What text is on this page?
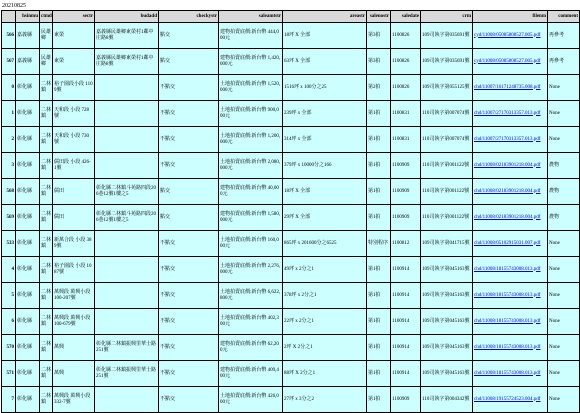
20210825
	hsinmu	ctmd	sectr	budadd	checkystr	saleamtstr	areastr	salenostr	saledate	crm	filenm	comment
566	嘉義縣	民雄鄉	東榮	嘉義縣民雄鄉東榮村1鄰中庄路8號	點交	建物拍賣底價:新台幣 444,000元	18坪 X 全部	第3拍	1100826	109司執字第035691號	cyd/11008/05085808527.005.pdf	再參考
567	嘉義縣	民雄鄉	東榮	嘉義縣民雄鄉東榮村1鄰中庄路8號	點交	建物拍賣底價:新台幣 1,420,000元	63坪 X 全部	第3拍	1100826	109司執字第035691號	cyd/11008/05085808527.005.pdf	再參考
0	彰化縣	二林鎮	裕子園段小段 1109號		不點交	土地拍賣底價:新台幣 1,520,000元	1516坪 x 100分之25	第2拍	1100826	109司執字第055125號	chd/11007/16171248735.008.pdf	None
1	彰化縣	二林鎮	天和段 小段 728號		不點交	土地拍賣底價:新台幣 900,000元	239坪 x 全部	第1拍	1100831	110司執字第007074號	chd/11007/27170313357.013.pdf	None
2	彰化縣	二林鎮	天和段 小段 730號		不點交	土地拍賣底價:新台幣 1,200,000元	314坪 x 全部	第1拍	1100831	110司執字第007074號	chd/11007/27170313357.013.pdf	None
3	彰化縣	二林鎮	儒田段 小段 426-1號		不點交	土地拍賣底價:新台幣 2,080,000元	379坪 x 10000分之166	第1拍	1100909	110司執字第001122號	chd/11008/02183901218.004.pdf	農物
568	彰化縣	二林鎮	儒田	彰化縣二林鎮斗苑路四段206巷12號1樓之5	點交	建物拍賣底價:新台幣 40,000元	18坪 X 全部	第1拍	1100909	110司執字第001122號	chd/11008/02183901218.004.pdf	農物
569	彰化縣	二林鎮	儒田	彰化縣二林鎮斗苑路四段206巷12號1樓之5	點交	建物拍賣底價:新台幣 1,580,000元	29坪 X 全部	第1拍	1100909	110司執字第001122號	chd/11008/02183901218.004.pdf	農物
533	彰化縣	二林鎮	新萬合段 小段 389號		不點交	土地拍賣底價:新台幣 160,000元	865坪 x 201600分之6525	特別程序	1100812	109司執字第041715號	chd/11008/05102915031.007.pdf	None
4	彰化縣	二林鎮	裕子園段 小段 1087號		不點交	土地拍賣底價:新台幣 2,276,000元	49坪 x 2分之1	第1拍	1100914	109司執字第045163號	chd/11008/18155743008.013.pdf	None
5	彰化縣	二林鎮	萬興段 萬興小段 100-207號		不點交	土地拍賣底價:新台幣 6,622,800元	378坪 x 2分之1	第1拍	1100914	109司執字第045163號	chd/11008/18155743008.013.pdf	None
6	彰化縣	二林鎮	萬興段 萬興小段 100-679號		不點交	土地拍賣底價:新台幣 402,300元	22坪 x 2分之1	第1拍	1100914	109司執字第045163號	chd/11008/18155743008.013.pdf	None
570	彰化縣	二林鎮	萬興	彰化縣二林鎮振興里華士路251號	不點交	建物拍賣底價:新台幣 62,200元	2坪 X 2分之1	第1拍	1100914	109司執字第045163號	chd/11008/18155743008.013.pdf	None
571	彰化縣	二林鎮	萬興	彰化縣二林鎮振興里華士路251號	不點交	建物拍賣底價:新台幣 409,400元	88坪 X 2分之1	第1拍	1100914	109司執字第045163號	chd/11008/18155743008.013.pdf	None
7	彰化縣	二林鎮	萬興段 萬興小段 332-7號		不點交	土地拍賣底價:新台幣 426,000元	27坪 x 3分之2	第1拍	1100909	110司執字第004342號	chd/11008/19155724523.004.pdf	None
